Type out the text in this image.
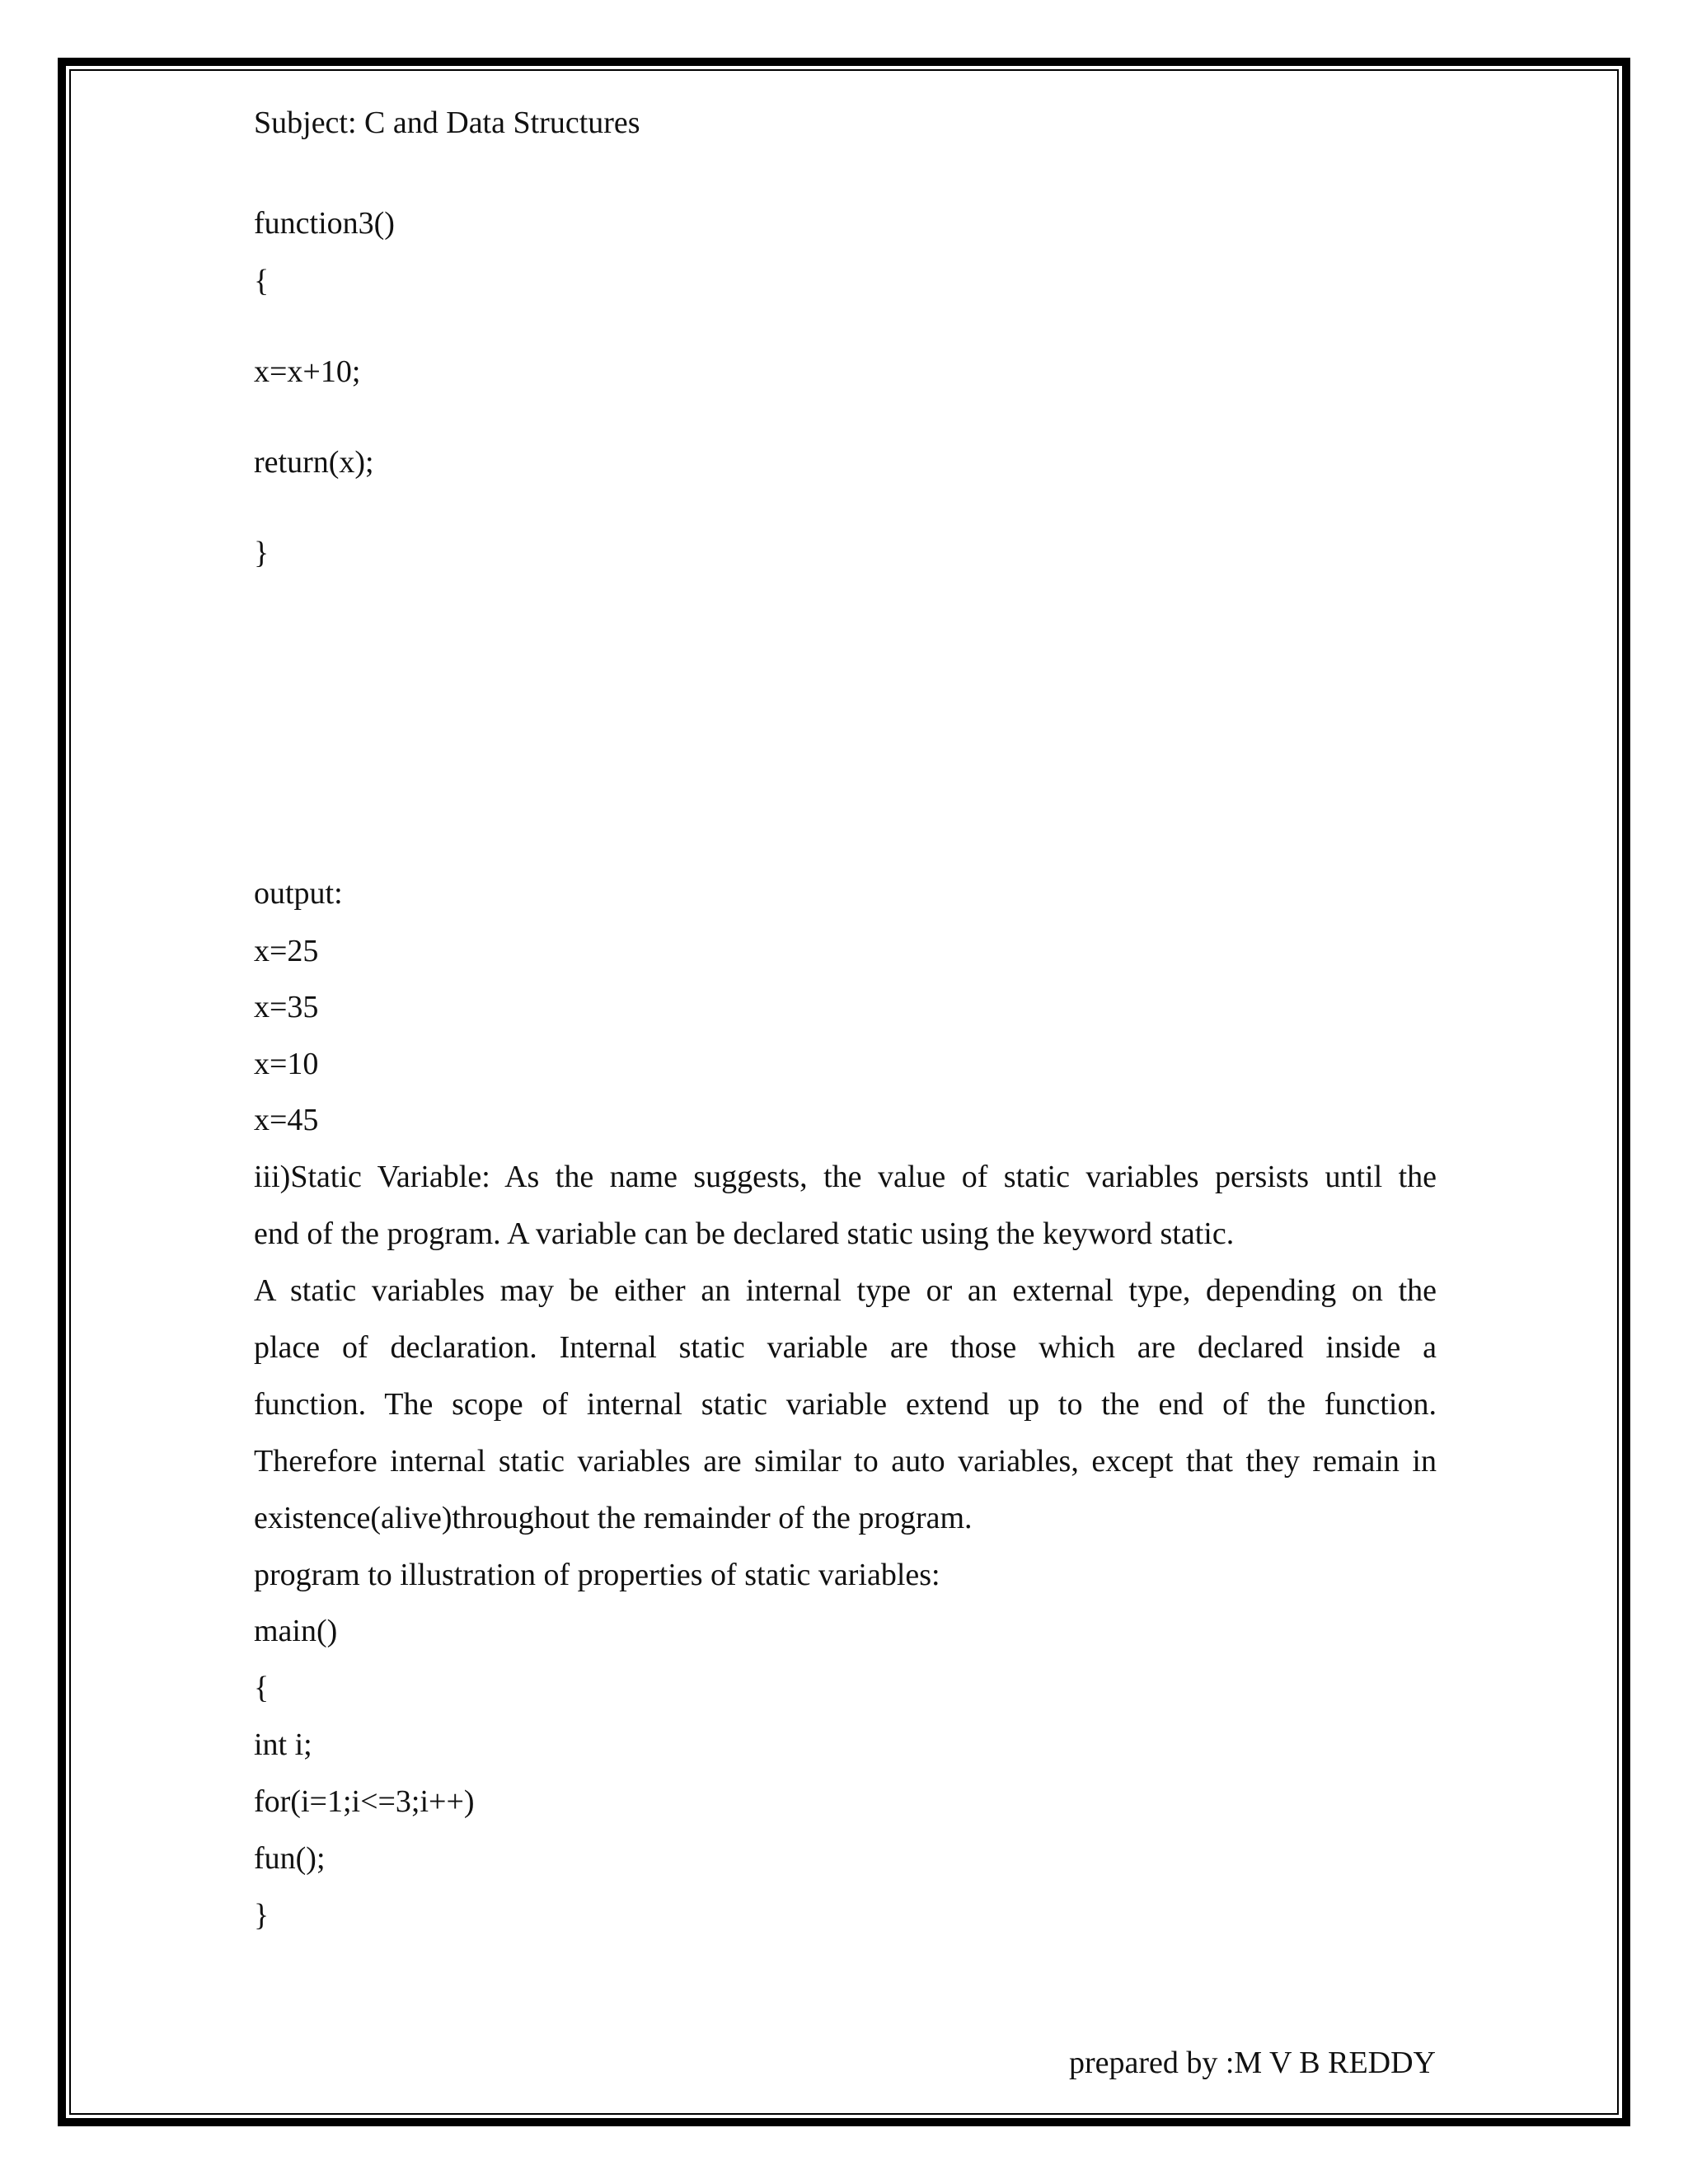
Subject: C and Data Structures
function3()
{
x=x+10;
return(x);
}
output:
x=25
x=35
x=10
x=45
iii)Static Variable: As the name suggests, the value of static variables persists until the
end of the program. A variable can be declared static using the keyword static.
A static variables may be either an internal type or an external type, depending on the
place of declaration. Internal static variable are those which are declared inside a
function. The scope of internal static variable extend up to the end of the function.
Therefore internal static variables are similar to auto variables, except that they remain in
existence(alive)throughout the remainder of the program.
program to illustration of properties of static variables:
main()
{
int i;
for(i=1;i<=3;i++)
fun();
}
prepared by :M V B REDDY
